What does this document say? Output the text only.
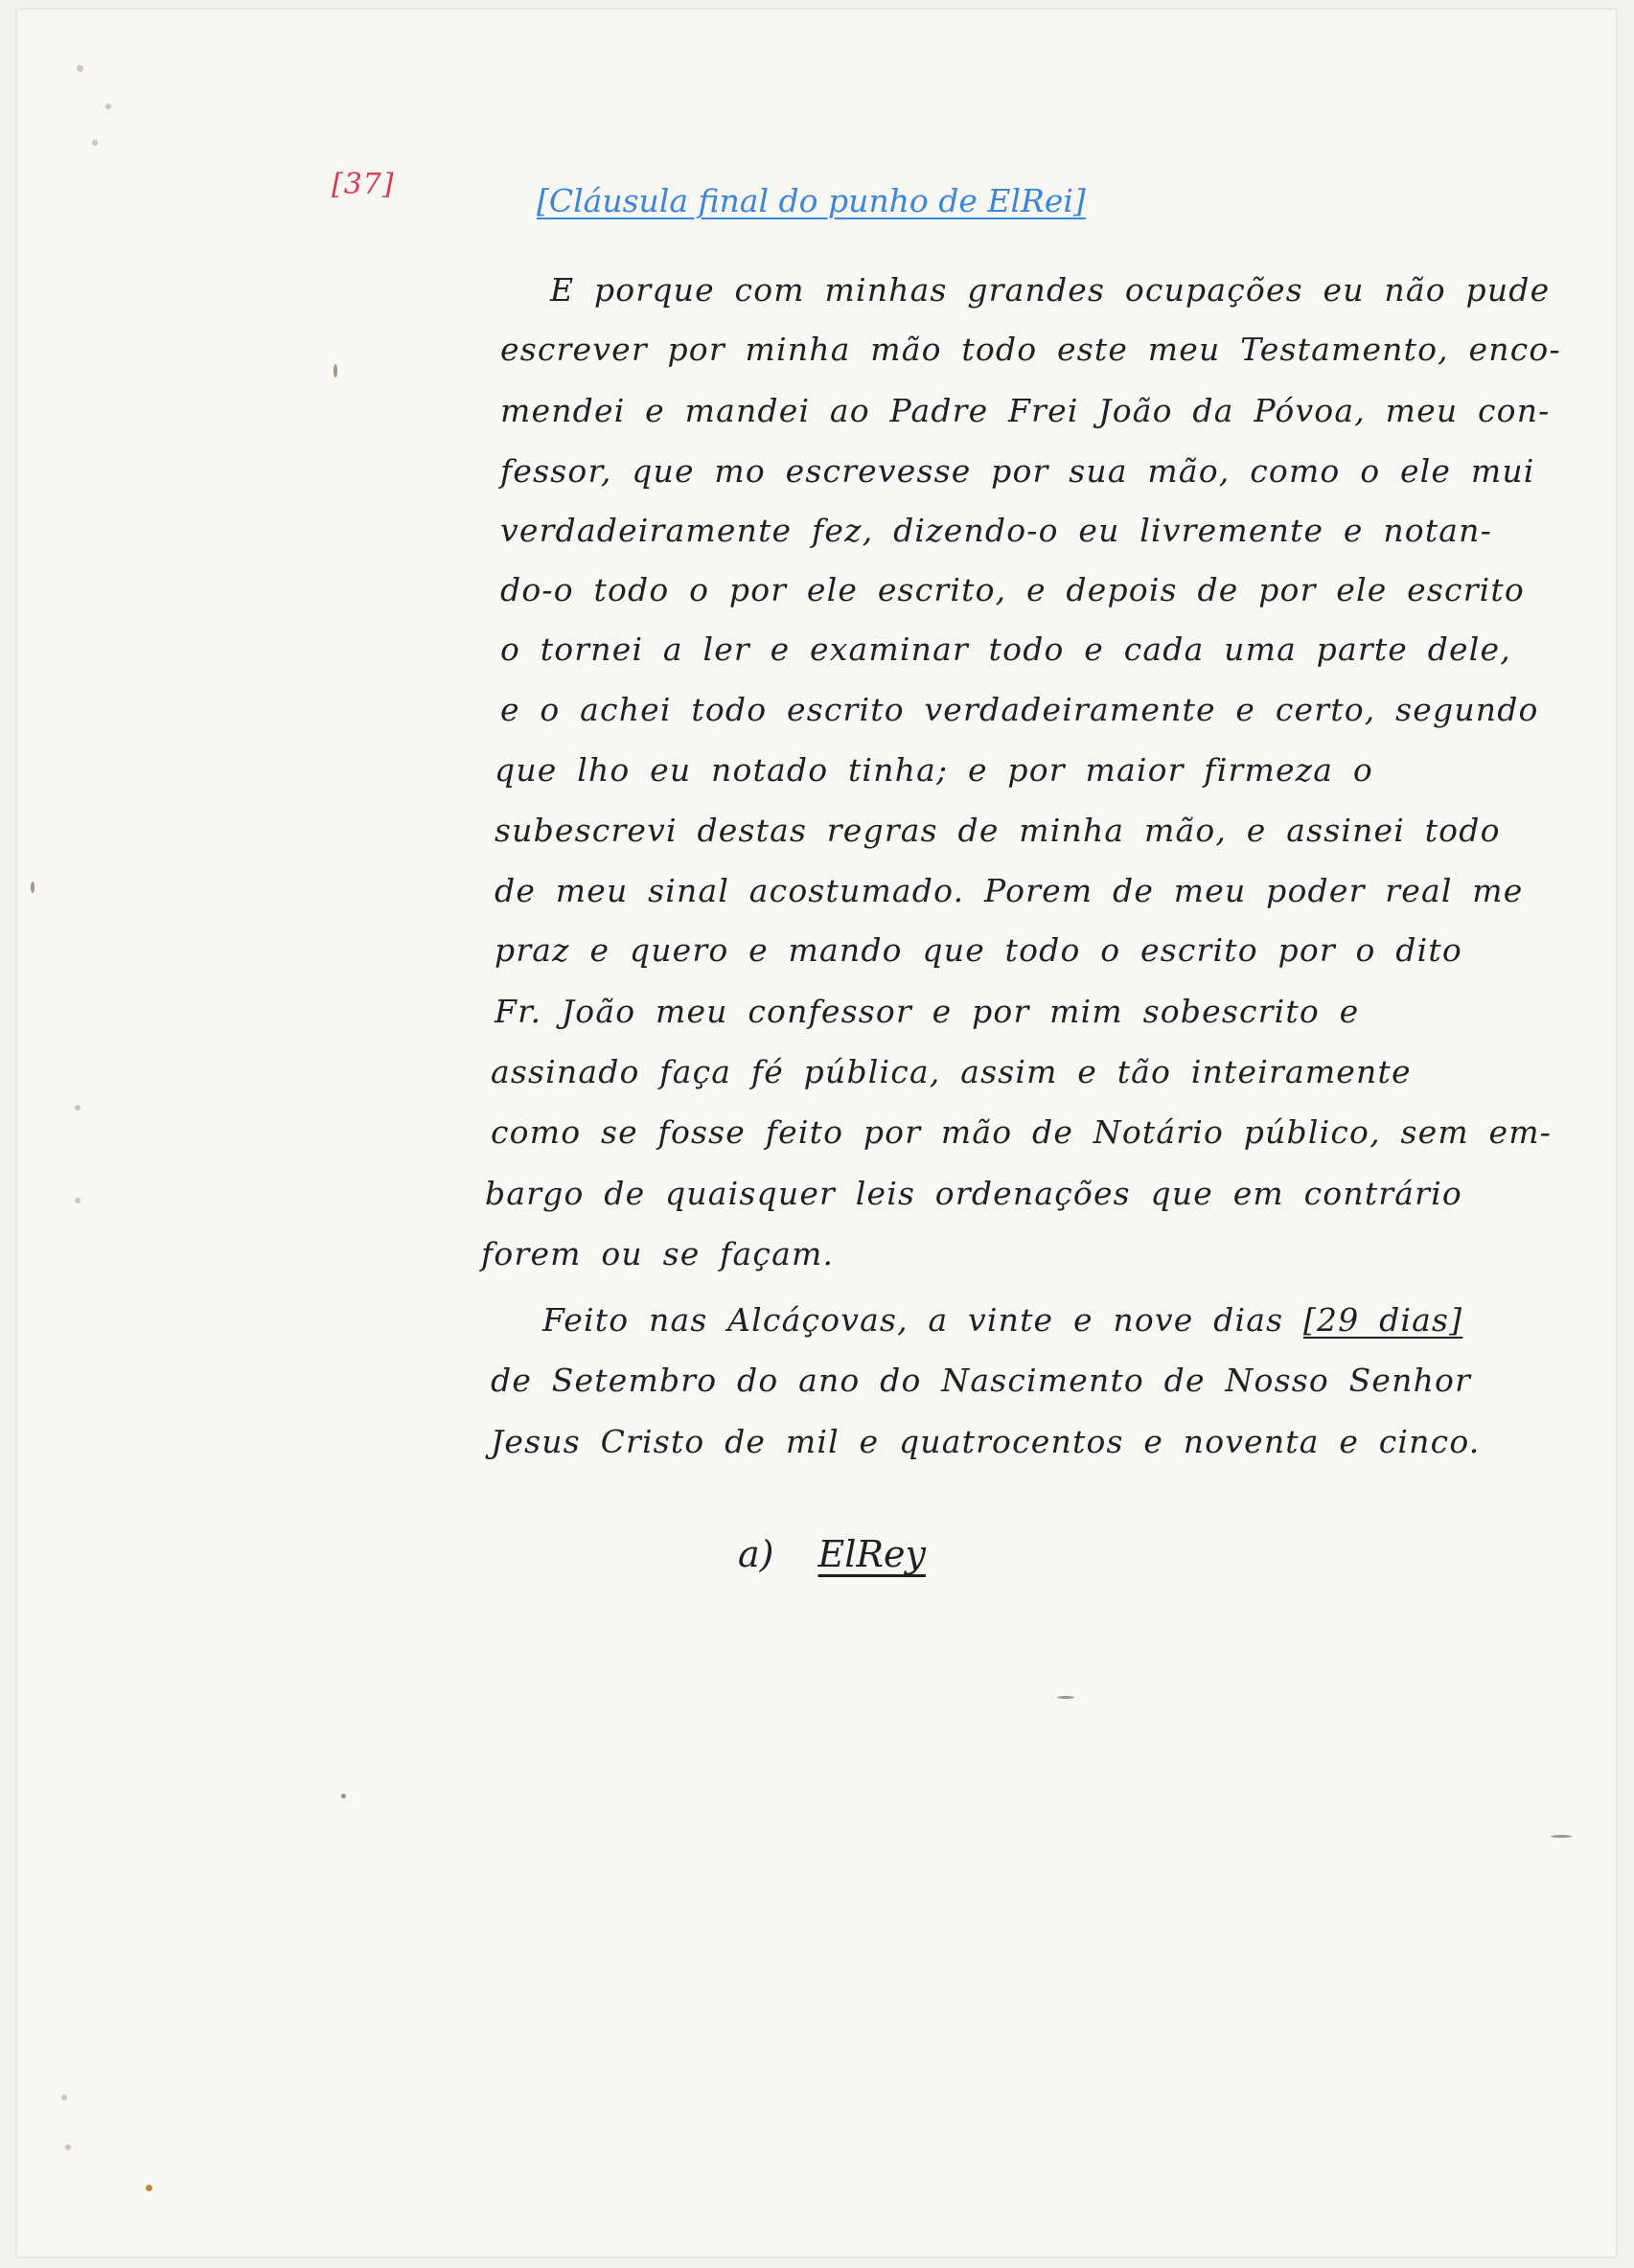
[37]	[Cláusula final do punho de ElRei]
E porque com minhas grandes ocupações eu não pude
escrever por minha mão todo este meu Testamento, enco-
mendei e mandei ao Padre Frei João da Póvoa, meu con-
fessor, que mo escrevesse por sua mão, como o ele mui
verdadeiramente fez, dizendo-o eu livremente e notan-
do-o todo o por ele escrito, e depois de por ele escrito
o tornei a ler e examinar todo e cada uma parte dele,
e o achei todo escrito verdadeiramente e certo, segundo
que lho eu notado tinha; e por maior firmeza o
subescrevi destas regras de minha mão, e assinei todo
de meu sinal acostumado. Porem de meu poder real me
praz e quero e mando que todo o escrito por o dito
Fr. João meu confessor e por mim sobescrito e
assinado faça fé pública, assim e tão inteiramente
como se fosse feito por mão de Notário público, sem em-
bargo de quaisquer leis ordenações que em contrário
forem ou se façam.
Feito nas Alcáçovas, a vinte e nove dias [29 dias]
de Setembro do ano do Nascimento de Nosso Senhor
Jesus Cristo de mil e quatrocentos e noventa e cinco.
a) ElRey
